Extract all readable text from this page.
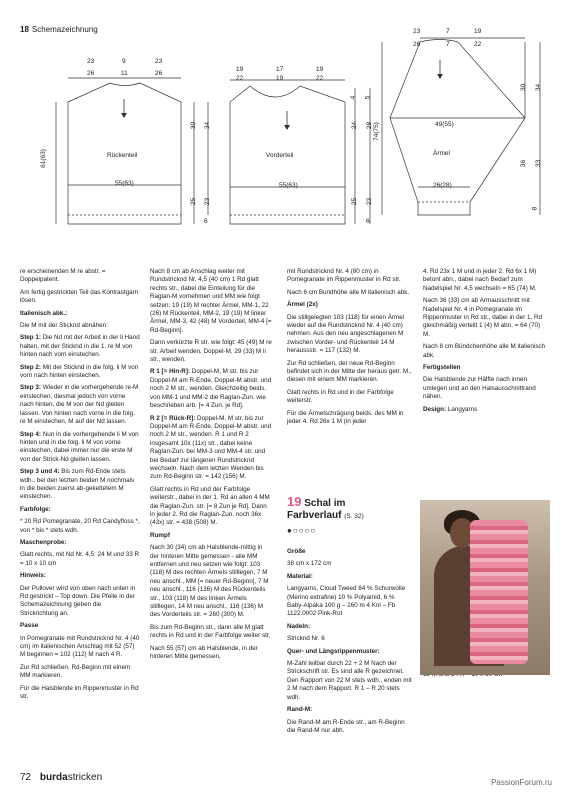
18 Schemazeichnung
23	9	23
26	11	26
Rückenteil
61(63)
30 34
25 23
6
55(63)
19	17	19
22	19	22
Vorderteil
4 5
24 28
25 23
6
55(63)
23	7	19
26	7	22
49(55)
Ärmel
26(28)
74(75)
30 34
36 33
8

re erscheinenden M re abstr. = Doppelpatent.

Am fertig gestrickten Teil das Kontrastgarn lösen.

Italienisch abk.:

Die M mit der Sticknd abnähen:

Step 1: Die Nd mit der Arbeit in der li Hand halten, mit der Sticknd in die 1. re M von hinten nach vorn einstechen.

Step 2: Mit der Sticknd in die folg. li M von vorn nach hinten einstechen.

Step 3: Wieder in die vorhergehende re-M einstechen, diesmal jedoch von vorne nach hinten, die M von der Nd gleiten lassen. Von hinten nach vorne in die folg. re M einstechen, M auf der Nd lassen.

Step 4: Nun in die vorhergehende li M von hinten und in die folg. li M von vorne einstechen, dabei immer nur die erste M von der Strick-Nd gleiten lassen.

Step 3 und 4: Bis zum Rd-Ende stets wdh., bei den letzten beiden M nochmals in die beiden zuerst ab-gekettetem M einstechen.

Farbfolge:

* 20 Rd Pomegranate, 20 Rd Candyfloss *, von * bis * stets wdh.

Maschenprobe:

Glatt rechts, mit Nd Nr. 4,5: 24 M und 33 R = 10 x 10 cm

Hinweis:

Der Pullover wird von oben nach unten in Rd gestrickt – Top down. Die Pfeile in der Schemazeichnung geben die Strickrichtung an.

Passe

In Pomegranate mit Rundstricknd Nr. 4 (40 cm) im italienischen Anschlag mit 52 (57) M beginnen = 102 (112) M nach 4 R.

Zur Rd schließen. Rd-Beginn mit einem MM markieren.

Für die Halsblende im Rippenmuster in Rd str.

Nach 8 cm ab Anschlag weiter mit Rundstricknd Nr. 4,5 (40 cm) 1 Rd glatt rechts str., dabei die Einteilung für die Raglan-M vornehmen und MM wie folgt setzen: 19 (19) M rechter Ärmel, MM-1, 22 (26) M Rückenteil, MM-2, 19 (19) M linker Ärmel, MM-3, 42 (48) M Vorderteil, MM-4 [= Rd-Beginn].

Dann verkürzte R str. wie folgt: 45 (49) M re str. Arbeit wenden, Doppel-M, 29 (33) M li str., wenden.

R 1 [= Hin-R]: Doppel-M, M str. bis zur Doppel-M am R-Ende, Doppel-M abstr. und noch 2 M str., wenden. Gleichzeitig beids. von MM-1 und MM-2 die Raglan-Zun. wie beschrieben arb. [= 4 Zun. je Rd].

R 2 [= Rück-R]: Doppel-M, M str. bis zur Doppel-M am R-Ende, Doppel-M abstr. und noch 2 M str., wenden. R 1 und R 2 insgesamt 10x (11x) str., dabei keine Raglan-Zun. bei MM-3 und MM-4 str. und bei Bedarf zur längeren Rundstricknd wechseln. Nach dem letzten Wenden bis zum Rd-Beginn str. = 142 (156) M.

Glatt rechts in Rd und der Farbfolge weiterstr., dabei in der 1. Rd an allen 4 MM die Raglan-Zun. str. [= 8 Zun je Rd]. Dann in jeder 2. Rd die Raglan-Zun. noch 36x (43x) str. = 438 (508) M.

Rumpf

Nach 30 (34) cm ab Halsblende-mittig in der hinteren Mitte gemessen - alle MM entfernen und neu setzen wie folgt: 103 (118) M des rechten Ärmels stilllegen, 7 M neu anschl., MM [= neuer Rd-Beginn], 7 M neu anschl., 116 (136) M des Rückenteils str., 103 (118) M des linken Ärmels stilllegen, 14 M neu anschl., 116 (136) M des Vorderteils str. = 260 (300) M.

Bis zum Rd-Beginn str., dann alle M glatt rechts in Rd und in der Farbfolge weiter str.

Nach 55 (57) cm ab Halsblende, in der hinteren Mitte gemessen,

mit Rundstricknd Nr. 4 (80 cm) in Pomegranate im Rippenmuster in Rd str.

Nach 6 cm Bundhöhe alle M italienisch abk.

Ärmel (2x)

Die stillgelegten 103 (118) für einen Ärmel wieder auf die Rundstricknd Nr. 4 (40 cm) nehmen. Aus den neu angeschlagenen M zwischen Vorder- und Rückenteil 14 M heraussstr. = 117 (132) M.

Zur Rd schließen, der neue Rd-Beginn befindet sich in der Mitte der heraus getr. M., diesen mit einem MM markieren.

Glatt rechts in Rd und in der Farbfolge weiterstr.

Für die Ärmelschrägung beids. des MM in jeder 4. Rd 26x 1 M (in jeder

Größe

38 cm x 172 cm

Material:

Langyarns, Cloud Tweed 84 % Schurwolle (Merino extrafine) 10 % Polyamid, 6 % Baby-Alpaka 100 g – 260 m 4 Knl – Fb 1122.0002 Pink-Rot

Nadeln:

Stricknd Nr. 6

Quer- und Längsrippenmuster:

M-Zahl teilbar durch 22 + 2 M Nach der Strickschrift str. Es sind alle R gezeichnet. Den Rapport von 22 M stets wdh., enden mit 2 M nach dem Rapport. R 1 – R 20 stets wdh.

Rand-M:

Die Rand-M am R-Ende str., am R-Beginn die Rand-M nur abh.

4. Rd 23x 1 M und in jeder 2. Rd 6x 1 M) betont abn., dabei nach Bedarf zum Nadelspiel Nr. 4,5 wechseln = 65 (74) M.

Nach 36 (33) cm ab Armausschnitt mit Nadelspiel Nr. 4 in Pomegranate im Rippenmuster in Rd str., dabei in der 1. Rd gleichmäßig verteilt 1 (4) M abn. = 64 (70) M.

Nach 8 cm Bündchenhöhe alle M italienisch abk.

Fertigstellen

Die Halsblende zur Hälfte nach innen umlegen und an den Halsausschnittrand nähen.

Design: Langyarns

19 Schal im
Farbverlauf (S. 32)
●○○○○
72 burdastricken	PassionForum.ru
